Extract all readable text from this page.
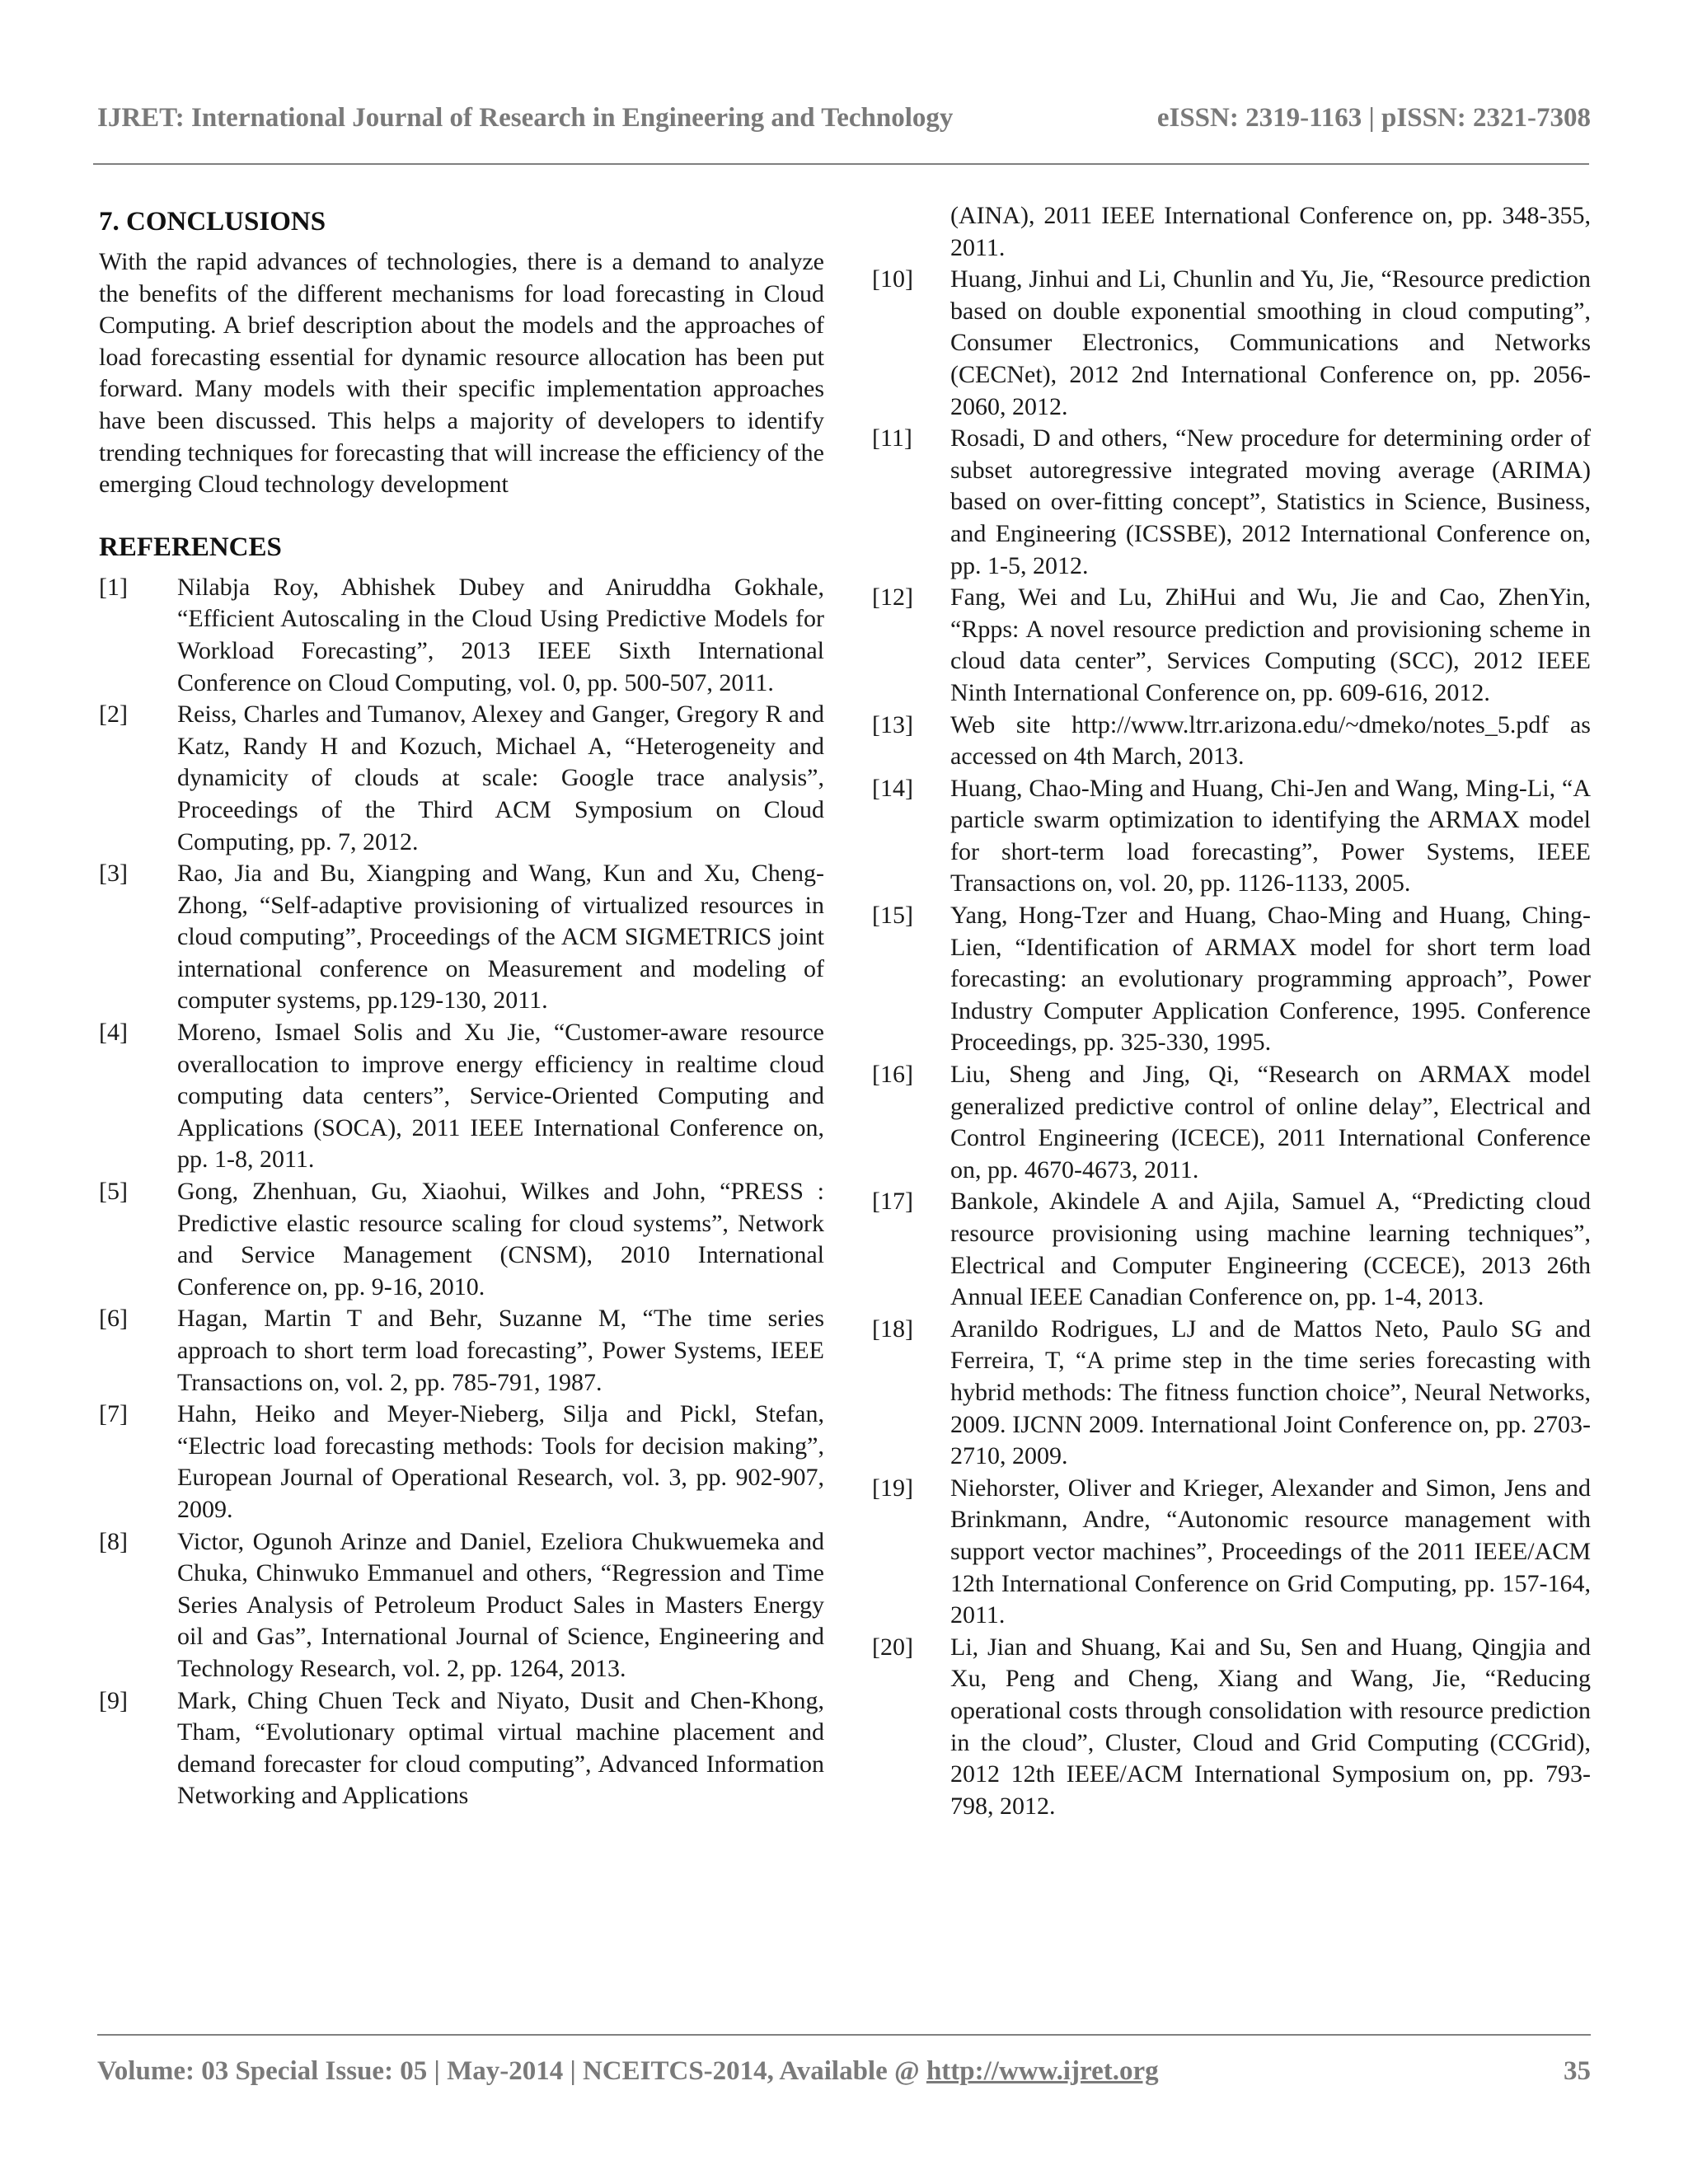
IJRET: International Journal of Research in Engineering and Technology	eISSN: 2319-1163 | pISSN: 2321-7308
7. CONCLUSIONS

With the rapid advances of technologies, there is a demand to analyze the benefits of the different mechanisms for load forecasting in Cloud Computing. A brief description about the models and the approaches of load forecasting essential for dynamic resource allocation has been put forward. Many models with their specific implementation approaches have been discussed. This helps a majority of developers to identify trending techniques for forecasting that will increase the efficiency of the emerging Cloud technology development

REFERENCES
[1]	Nilabja Roy, Abhishek Dubey and Aniruddha Gokhale, “Efficient Autoscaling in the Cloud Using Predictive Models for Workload Forecasting”, 2013 IEEE Sixth International Conference on Cloud Computing, vol. 0, pp. 500-507, 2011.
[2]	Reiss, Charles and Tumanov, Alexey and Ganger, Gregory R and Katz, Randy H and Kozuch, Michael A, “Heterogeneity and dynamicity of clouds at scale: Google trace analysis”, Proceedings of the Third ACM Symposium on Cloud Computing, pp. 7, 2012.
[3]	Rao, Jia and Bu, Xiangping and Wang, Kun and Xu, Cheng-Zhong, “Self-adaptive provisioning of virtualized resources in cloud computing”, Proceedings of the ACM SIGMETRICS joint international conference on Measurement and modeling of computer systems, pp.129-130, 2011.
[4]	Moreno, Ismael Solis and Xu Jie, “Customer-aware resource overallocation to improve energy efficiency in realtime cloud computing data centers”, Service-Oriented Computing and Applications (SOCA), 2011 IEEE International Conference on, pp. 1-8, 2011.
[5]	Gong, Zhenhuan, Gu, Xiaohui, Wilkes and John, “PRESS : Predictive elastic resource scaling for cloud systems”, Network and Service Management (CNSM), 2010 International Conference on, pp. 9-16, 2010.
[6]	Hagan, Martin T and Behr, Suzanne M, “The time series approach to short term load forecasting”, Power Systems, IEEE Transactions on, vol. 2, pp. 785-791, 1987.
[7]	Hahn, Heiko and Meyer-Nieberg, Silja and Pickl, Stefan, “Electric load forecasting methods: Tools for decision making”, European Journal of Operational Research, vol. 3, pp. 902-907, 2009.
[8]	Victor, Ogunoh Arinze and Daniel, Ezeliora Chukwuemeka and Chuka, Chinwuko Emmanuel and others, “Regression and Time Series Analysis of Petroleum Product Sales in Masters Energy oil and Gas”, International Journal of Science, Engineering and Technology Research, vol. 2, pp. 1264, 2013.
[9]	Mark, Ching Chuen Teck and Niyato, Dusit and Chen-Khong, Tham, “Evolutionary optimal virtual machine placement and demand forecaster for cloud computing”, Advanced Information Networking and Applications
(AINA), 2011 IEEE International Conference on, pp. 348-355, 2011.
[10]	Huang, Jinhui and Li, Chunlin and Yu, Jie, “Resource prediction based on double exponential smoothing in cloud computing”, Consumer Electronics, Communications and Networks (CECNet), 2012 2nd International Conference on, pp. 2056-2060, 2012.
[11]	Rosadi, D and others, “New procedure for determining order of subset autoregressive integrated moving average (ARIMA) based on over-fitting concept”, Statistics in Science, Business, and Engineering (ICSSBE), 2012 International Conference on, pp. 1-5, 2012.
[12]	Fang, Wei and Lu, ZhiHui and Wu, Jie and Cao, ZhenYin, “Rpps: A novel resource prediction and provisioning scheme in cloud data center”, Services Computing (SCC), 2012 IEEE Ninth International Conference on, pp. 609-616, 2012.
[13]	Web site http://www.ltrr.arizona.edu/~dmeko/notes_5.pdf as accessed on 4th March, 2013.
[14]	Huang, Chao-Ming and Huang, Chi-Jen and Wang, Ming-Li, “A particle swarm optimization to identifying the ARMAX model for short-term load forecasting”, Power Systems, IEEE Transactions on, vol. 20, pp. 1126-1133, 2005.
[15]	Yang, Hong-Tzer and Huang, Chao-Ming and Huang, Ching-Lien, “Identification of ARMAX model for short term load forecasting: an evolutionary programming approach”, Power Industry Computer Application Conference, 1995. Conference Proceedings, pp. 325-330, 1995.
[16]	Liu, Sheng and Jing, Qi, “Research on ARMAX model generalized predictive control of online delay”, Electrical and Control Engineering (ICECE), 2011 International Conference on, pp. 4670-4673, 2011.
[17]	Bankole, Akindele A and Ajila, Samuel A, “Predicting cloud resource provisioning using machine learning techniques”, Electrical and Computer Engineering (CCECE), 2013 26th Annual IEEE Canadian Conference on, pp. 1-4, 2013.
[18]	Aranildo Rodrigues, LJ and de Mattos Neto, Paulo SG and Ferreira, T, “A prime step in the time series forecasting with hybrid methods: The fitness function choice”, Neural Networks, 2009. IJCNN 2009. International Joint Conference on, pp. 2703-2710, 2009.
[19]	Niehorster, Oliver and Krieger, Alexander and Simon, Jens and Brinkmann, Andre, “Autonomic resource management with support vector machines”, Proceedings of the 2011 IEEE/ACM 12th International Conference on Grid Computing, pp. 157-164, 2011.
[20]	Li, Jian and Shuang, Kai and Su, Sen and Huang, Qingjia and Xu, Peng and Cheng, Xiang and Wang, Jie, “Reducing operational costs through consolidation with resource prediction in the cloud”, Cluster, Cloud and Grid Computing (CCGrid), 2012 12th IEEE/ACM International Symposium on, pp. 793-798, 2012.
Volume: 03 Special Issue: 05 | May-2014 | NCEITCS-2014, Available @ http://www.ijret.org	35
